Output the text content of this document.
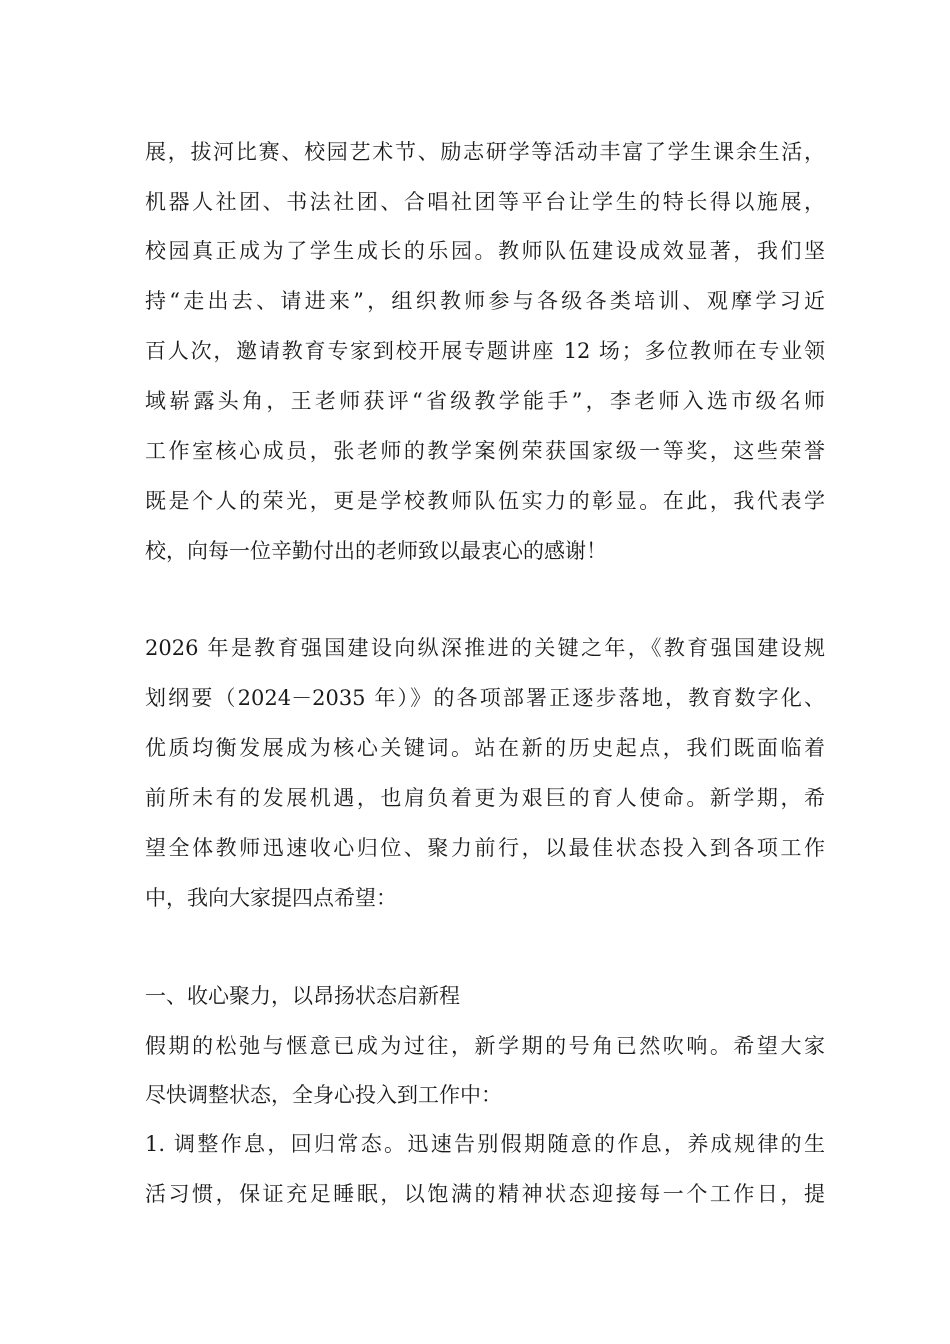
展，拔河比赛、校园艺术节、励志研学等活动丰富了学生课余生活，
机器人社团、书法社团、合唱社团等平台让学生的特长得以施展，
校园真正成为了学生成长的乐园。教师队伍建设成效显著，我们坚
持“走出去、请进来”，组织教师参与各级各类培训、观摩学习近
百人次，邀请教育专家到校开展专题讲座 12 场；多位教师在专业领
域崭露头角，王老师获评“省级教学能手”，李老师入选市级名师
工作室核心成员，张老师的教学案例荣获国家级一等奖，这些荣誉
既是个人的荣光，更是学校教师队伍实力的彰显。在此，我代表学
校，向每一位辛勤付出的老师致以最衷心的感谢！
2026 年是教育强国建设向纵深推进的关键之年，《教育强国建设规
划纲要（2024－2035 年）》的各项部署正逐步落地，教育数字化、
优质均衡发展成为核心关键词。站在新的历史起点，我们既面临着
前所未有的发展机遇，也肩负着更为艰巨的育人使命。新学期，希
望全体教师迅速收心归位、聚力前行，以最佳状态投入到各项工作
中，我向大家提四点希望：
一、收心聚力，以昂扬状态启新程
假期的松弛与惬意已成为过往，新学期的号角已然吹响。希望大家
尽快调整状态，全身心投入到工作中：
1. 调整作息，回归常态。迅速告别假期随意的作息，养成规律的生
活习惯，保证充足睡眠，以饱满的精神状态迎接每一个工作日，提
